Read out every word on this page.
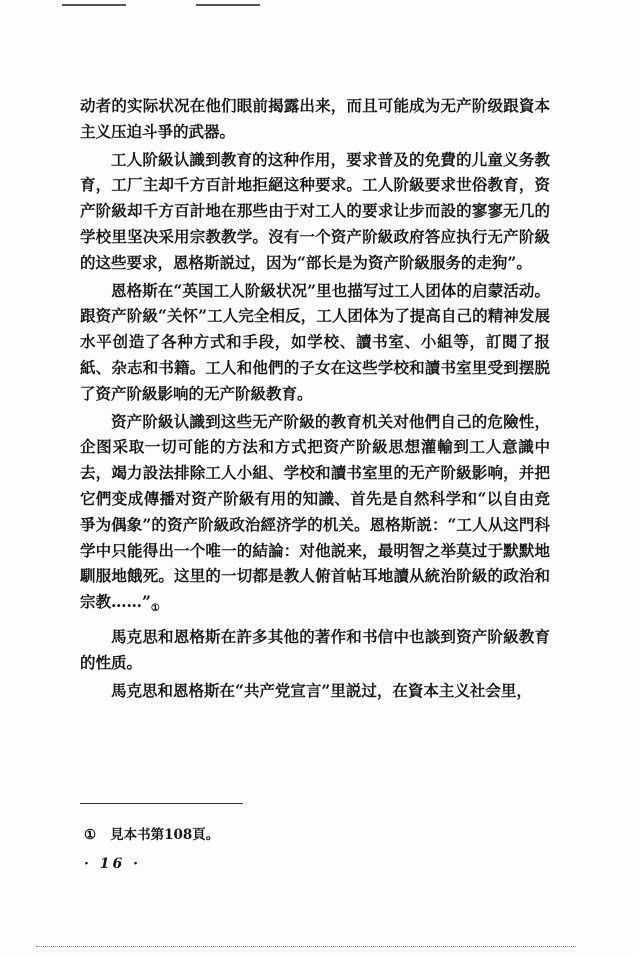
动者的实际状况在他们眼前揭露出来，而且可能成为无产阶级跟資本主义压迫斗爭的武器。

工人阶級认識到教育的这种作用，要求普及的免費的儿童义务教育，工厂主却千方百計地拒絕这种要求。工人阶級要求世俗教育，资产阶級却千方百計地在那些由于对工人的要求让步而設的寥寥无几的学校里坚决采用宗教教学。沒有一个资产阶級政府答应执行无产阶級的这些要求，恩格斯説过，因为“部长是为资产阶級服务的走狗”。

恩格斯在“英国工人阶級状况”里也描写过工人团体的启蒙活动。跟资产阶級“关怀”工人完全相反，工人团体为了提高自己的精神发展水平创造了各种方式和手段，如学校、讀书室、小組等，訂閱了报紙、杂志和书籍。工人和他們的子女在这些学校和讀书室里受到摆脱了资产阶級影响的无产阶級教育。

资产阶級认識到这些无产阶級的教育机关对他們自己的危險性，企图采取一切可能的方法和方式把资产阶級思想灌輸到工人意識中去，竭力設法排除工人小組、学校和讀书室里的无产阶級影响，并把它們变成傳播对资产阶級有用的知識、首先是自然科学和“以自由竞爭为偶象”的资产阶級政治經济学的机关。恩格斯説：“工人从这門科学中只能得出一个唯一的結論：对他説来，最明智之举莫过于默默地馴服地餓死。这里的一切都是教人俯首帖耳地讀从統治阶級的政治和宗教$\dots\dots”_①$

馬克思和恩格斯在許多其他的著作和书信中也談到资产阶級教育的性质。

馬克思和恩格斯在“共产党宣言”里説过，在資本主义社会里，

① 見本书第108頁。
· 16 ·
